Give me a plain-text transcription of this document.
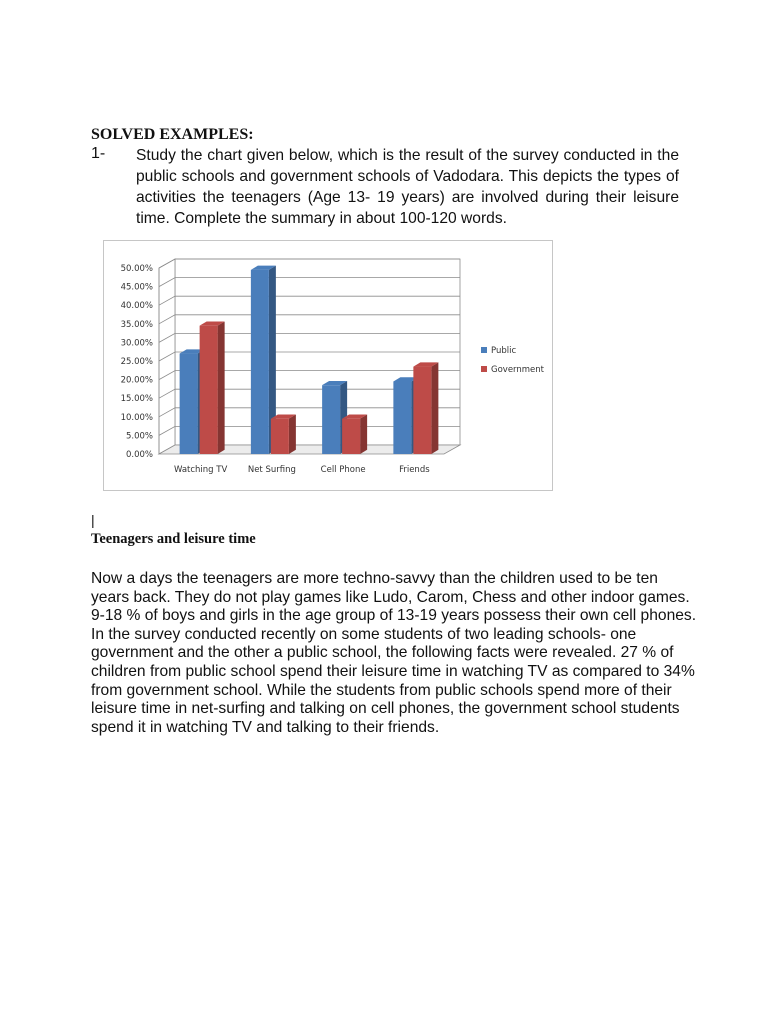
SOLVED EXAMPLES:
1- Study the chart given below, which is the result of the survey conducted in the public schools and government schools of Vadodara. This depicts the types of activities the teenagers (Age 13- 19 years) are involved during their leisure time. Complete the summary in about 100-120 words.

0.00%
5.00%
10.00%
15.00%
20.00%
25.00%
30.00%
35.00%
40.00%
45.00%
50.00%
Watching TV Net Surfing	Cell Phone	Friends
Public
Government
|
Teenagers and leisure time

Now a days the teenagers are more techno-savvy than the children used to be ten
years back. They do not play games like Ludo, Carom, Chess and other indoor games.
9-18 % of boys and girls in the age group of 13-19 years possess their own cell phones.
In the survey conducted recently on some students of two leading schools- one
government and the other a public school, the following facts were revealed. 27 % of
children from public school spend their leisure time in watching TV as compared to 34%
from government school. While the students from public schools spend more of their
leisure time in net-surfing and talking on cell phones, the government school students
spend it in watching TV and talking to their friends.
